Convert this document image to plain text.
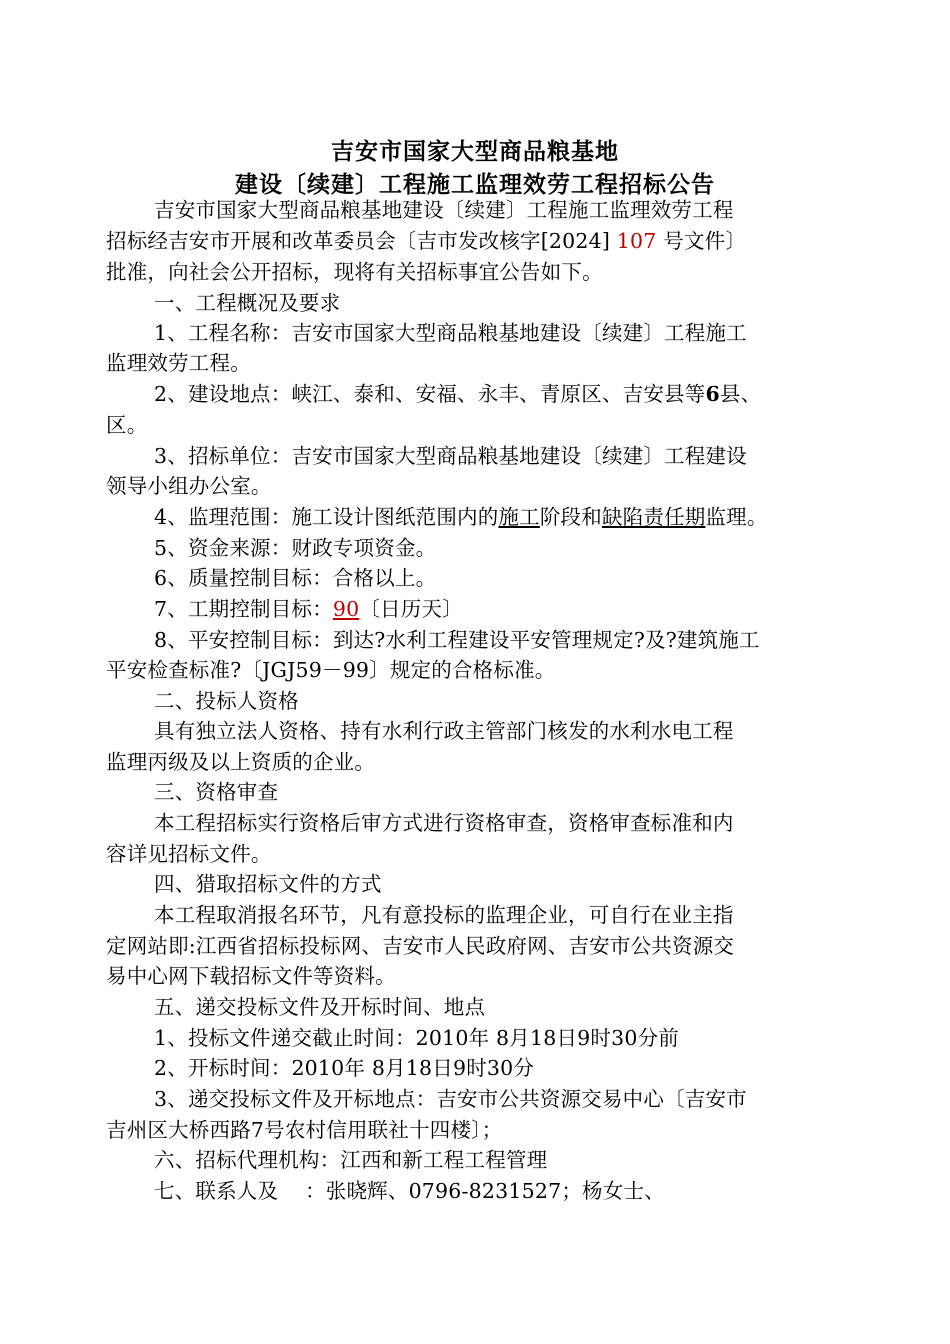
吉安市国家大型商品粮基地
建设〔续建〕工程施工监理效劳工程招标公告
吉安市国家大型商品粮基地建设〔续建〕工程施工监理效劳工程
招标经吉安市开展和改革委员会〔吉市发改核字[2024] 107 号文件〕
批准，向社会公开招标，现将有关招标事宜公告如下。
一、工程概况及要求
1、工程名称：吉安市国家大型商品粮基地建设〔续建〕工程施工
监理效劳工程。
2、建设地点：峡江、泰和、安福、永丰、青原区、吉安县等6县、
区。
3、招标单位：吉安市国家大型商品粮基地建设〔续建〕工程建设
领导小组办公室。
4、监理范围：施工设计图纸范围内的施工阶段和缺陷责任期监理。
5、资金来源：财政专项资金。
6、质量控制目标：合格以上。
7、工期控制目标：90〔日历天〕
8、平安控制目标：到达?水利工程建设平安管理规定?及?建筑施工
平安检查标准?〔JGJ59－99〕规定的合格标准。
二、投标人资格
具有独立法人资格、持有水利行政主管部门核发的水利水电工程
监理丙级及以上资质的企业。
三、资格审查
本工程招标实行资格后审方式进行资格审查，资格审查标准和内
容详见招标文件。
四、猎取招标文件的方式
本工程取消报名环节，凡有意投标的监理企业，可自行在业主指
定网站即:江西省招标投标网、吉安市人民政府网、吉安市公共资源交
易中心网下载招标文件等资料。
五、递交投标文件及开标时间、地点
1、投标文件递交截止时间：2010年 8月18日9时30分前
2、开标时间：2010年 8月18日9时30分
3、递交投标文件及开标地点：吉安市公共资源交易中心〔吉安市
吉州区大桥西路7号农村信用联社十四楼〕；
六、招标代理机构：江西和新工程工程管理
七、联系人及    ：张晓辉、0796-8231527；杨女士、
